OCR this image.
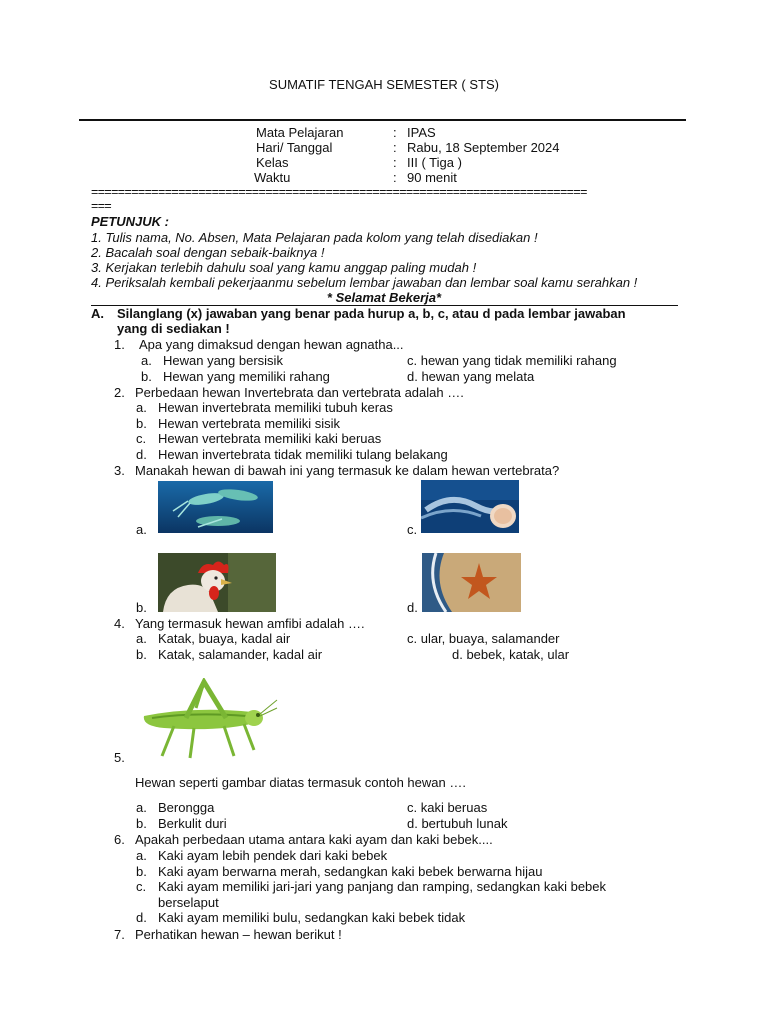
SUMATIF TENGAH SEMESTER ( STS)
Mata Pelajaran	: IPAS
Hari/ Tanggal	: Rabu, 18 September 2024
Kelas	: III ( Tiga )
Waktu	: 90 menit
==========================================================================
===
PETUNJUK :
1. Tulis nama, No. Absen, Mata Pelajaran pada kolom yang telah disediakan !
2. Bacalah soal dengan sebaik-baiknya !
3. Kerjakan terlebih dahulu soal yang kamu anggap paling mudah !
4. Periksalah kembali pekerjaanmu sebelum lembar jawaban dan lembar soal kamu serahkan !
* Selamat Bekerja*
A. Silanglang (x) jawaban yang benar pada hurup a, b, c, atau d pada lembar jawaban
yang di sediakan !
1. Apa yang dimaksud dengan hewan agnatha...
a. Hewan yang bersisik	c. hewan yang tidak memiliki rahang
b. Hewan yang memiliki rahang	d. hewan yang melata
2. Perbedaan hewan Invertebrata dan vertebrata adalah ….
a. Hewan invertebrata memiliki tubuh keras
b. Hewan vertebrata memiliki sisik
c. Hewan vertebrata memiliki kaki beruas
d. Hewan invertebrata tidak memiliki tulang belakang
3. Manakah hewan di bawah ini yang termasuk ke dalam hewan vertebrata?
a.	c.
b.	d.
4. Yang termasuk hewan amfibi adalah ….
a. Katak, buaya, kadal air	c. ular, buaya, salamander
b. Katak, salamander, kadal air	d. bebek, katak, ular
5.
Hewan seperti gambar diatas termasuk contoh hewan ….
a. Berongga	c. kaki beruas
b. Berkulit duri	d. bertubuh lunak
6. Apakah perbedaan utama antara kaki ayam dan kaki bebek....
a. Kaki ayam lebih pendek dari kaki bebek
b. Kaki ayam berwarna merah, sedangkan kaki bebek berwarna hijau
c. Kaki ayam memiliki jari-jari yang panjang dan ramping, sedangkan kaki bebek
berselaput
d. Kaki ayam memiliki bulu, sedangkan kaki bebek tidak
7. Perhatikan hewan – hewan berikut !
